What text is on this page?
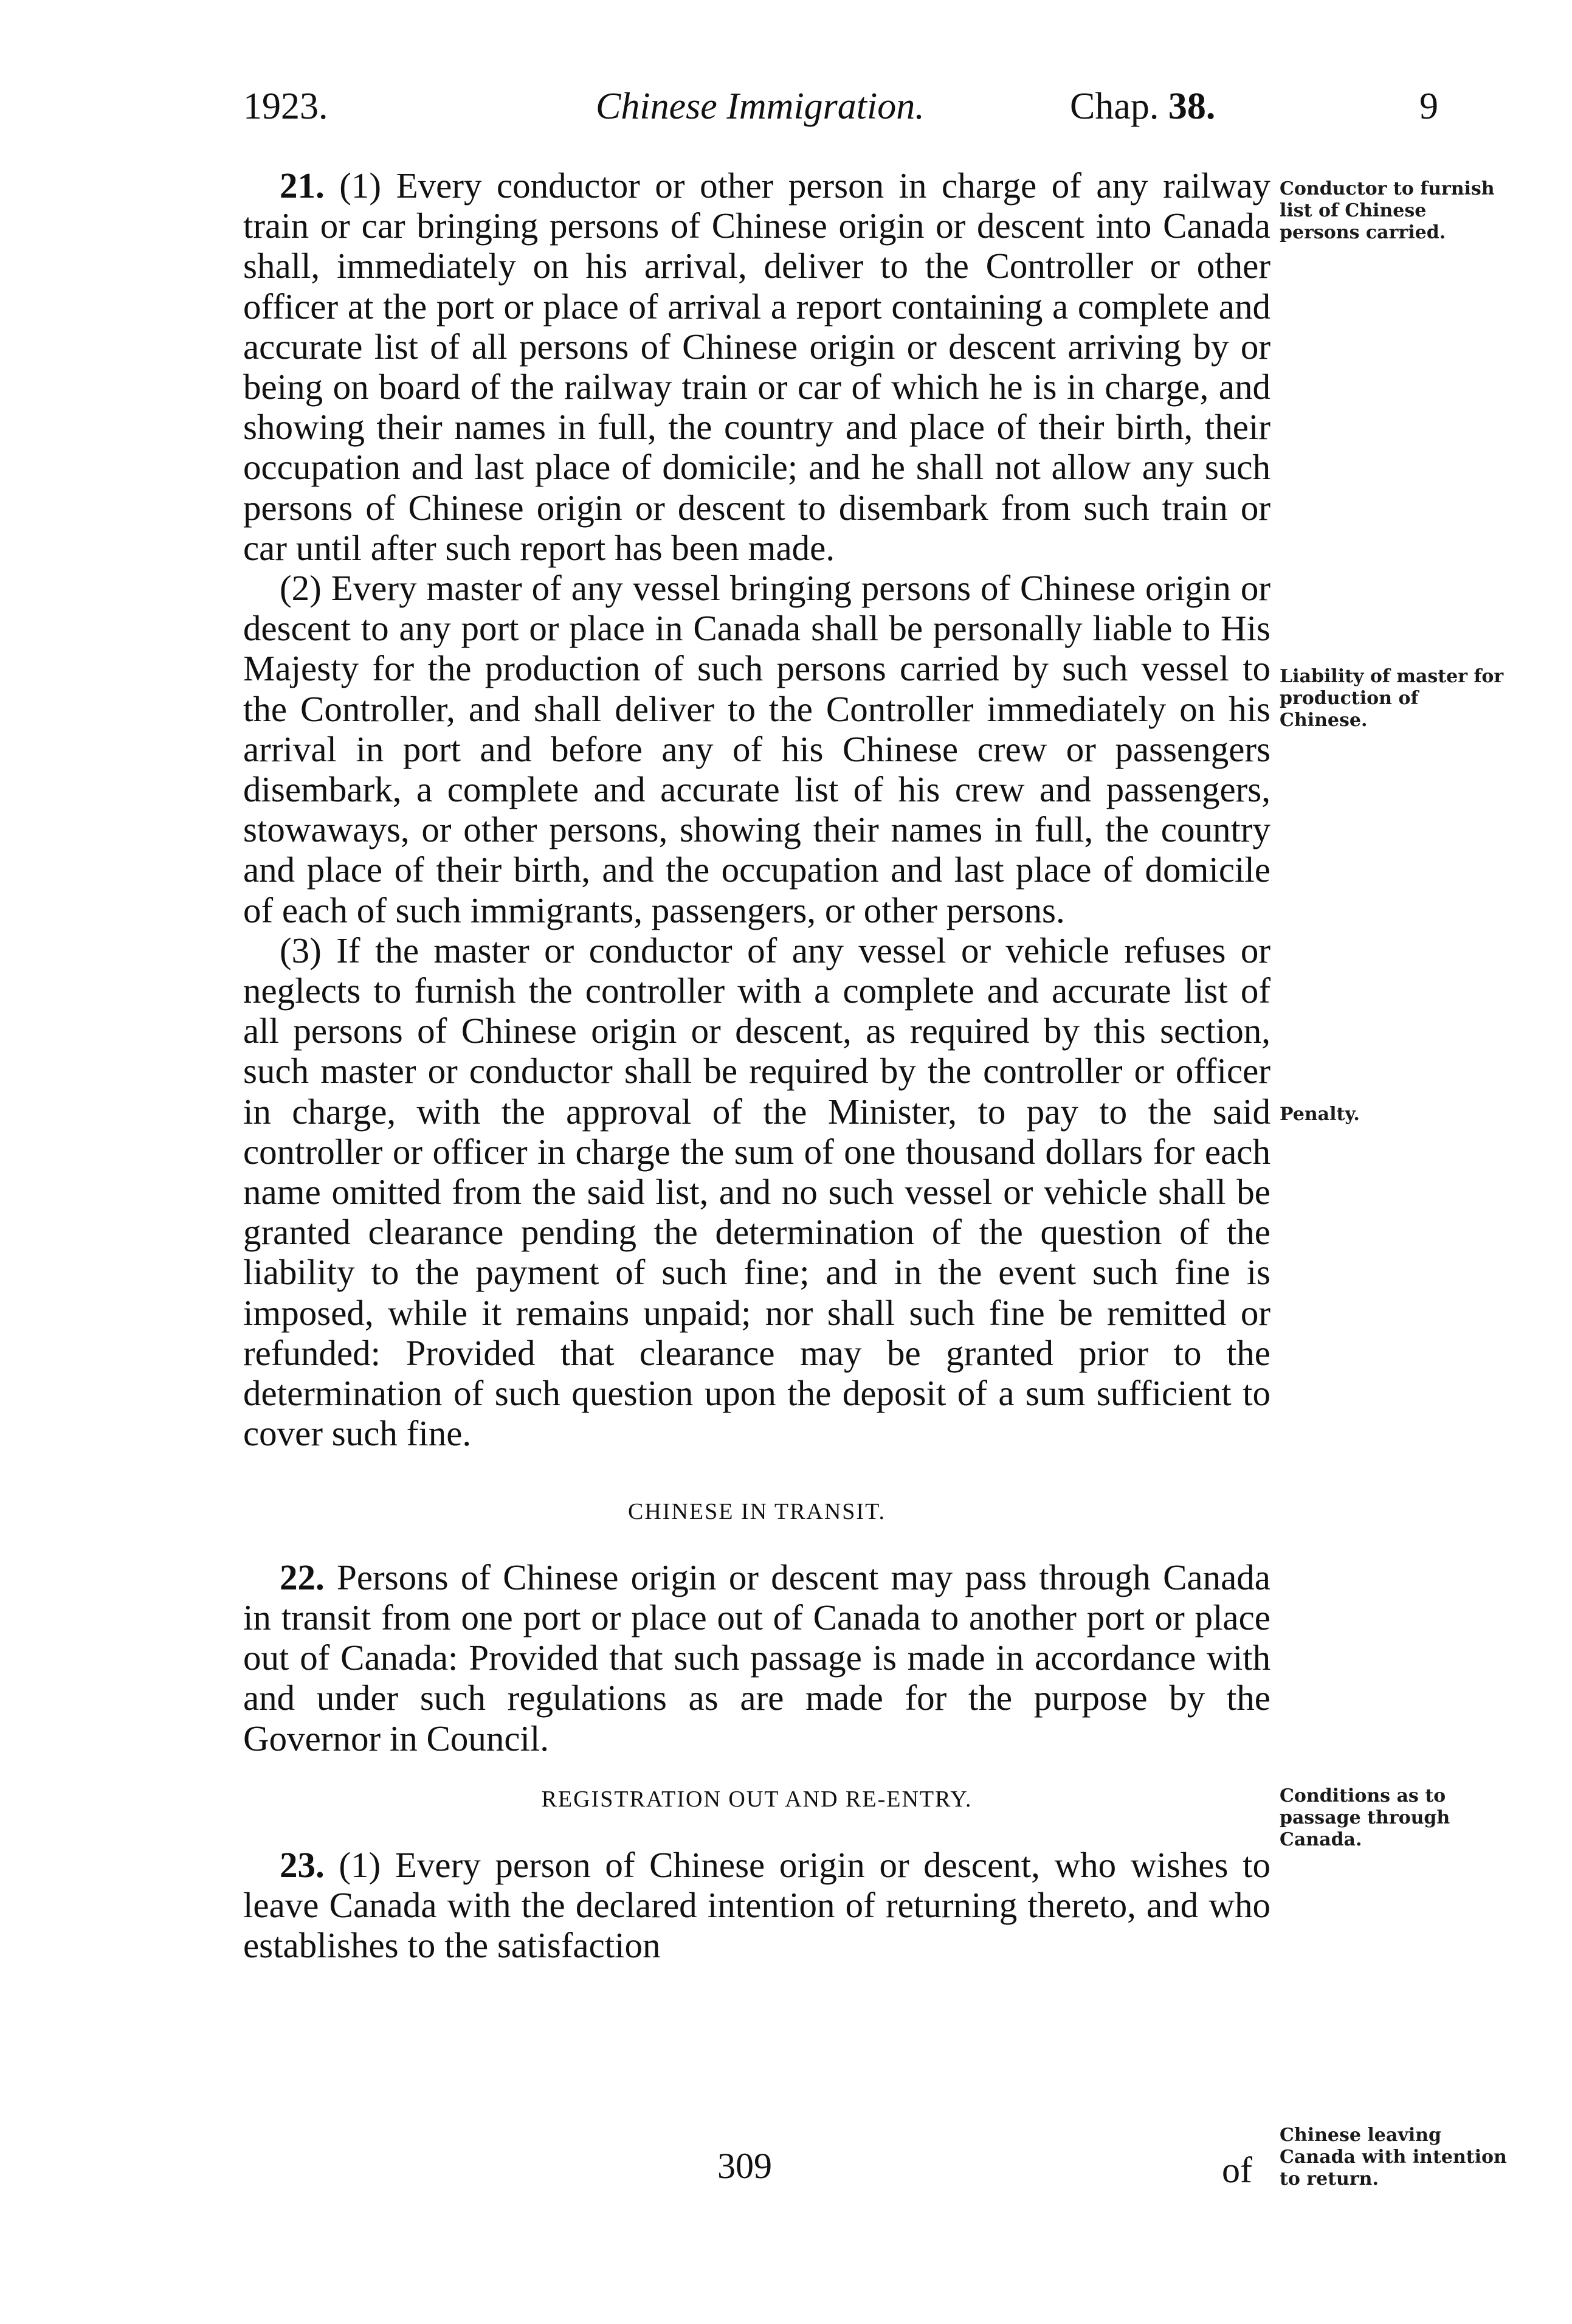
1923.	Chinese Immigration.	Chap. 38.	9

21. (1) Every conductor or other person in charge of any railway train or car bringing persons of Chinese origin or descent into Canada shall, immediately on his arrival, deliver to the Controller or other officer at the port or place of arrival a report containing a complete and accurate list of all persons of Chinese origin or descent arriving by or being on board of the railway train or car of which he is in charge, and showing their names in full, the country and place of their birth, their occupation and last place of domicile; and he shall not allow any such persons of Chinese origin or descent to disembark from such train or car until after such report has been made.

(2) Every master of any vessel bringing persons of Chinese origin or descent to any port or place in Canada shall be personally liable to His Majesty for the production of such persons carried by such vessel to the Controller, and shall deliver to the Controller immediately on his arrival in port and before any of his Chinese crew or passengers disembark, a complete and accurate list of his crew and passengers, stowaways, or other persons, showing their names in full, the country and place of their birth, and the occupation and last place of domicile of each of such immigrants, passengers, or other persons.

(3) If the master or conductor of any vessel or vehicle refuses or neglects to furnish the controller with a complete and accurate list of all persons of Chinese origin or descent, as required by this section, such master or conductor shall be required by the controller or officer in charge, with the approval of the Minister, to pay to the said controller or officer in charge the sum of one thousand dollars for each name omitted from the said list, and no such vessel or vehicle shall be granted clearance pending the determination of the question of the liability to the payment of such fine; and in the event such fine is imposed, while it remains unpaid; nor shall such fine be remitted or refunded: Provided that clearance may be granted prior to the determination of such question upon the deposit of a sum sufficient to cover such fine.

CHINESE IN TRANSIT.

22. Persons of Chinese origin or descent may pass through Canada in transit from one port or place out of Canada to another port or place out of Canada: Provided that such passage is made in accordance with and under such regulations as are made for the purpose by the Governor in Council.

REGISTRATION OUT AND RE-ENTRY.

23. (1) Every person of Chinese origin or descent, who wishes to leave Canada with the declared intention of returning thereto, and who establishes to the satisfaction

Conductor to furnish list of Chinese persons carried.
Liability of master for production of Chinese.
Penalty.
Conditions as to passage through Canada.
Chinese leaving Canada with intention to return.
309	of
